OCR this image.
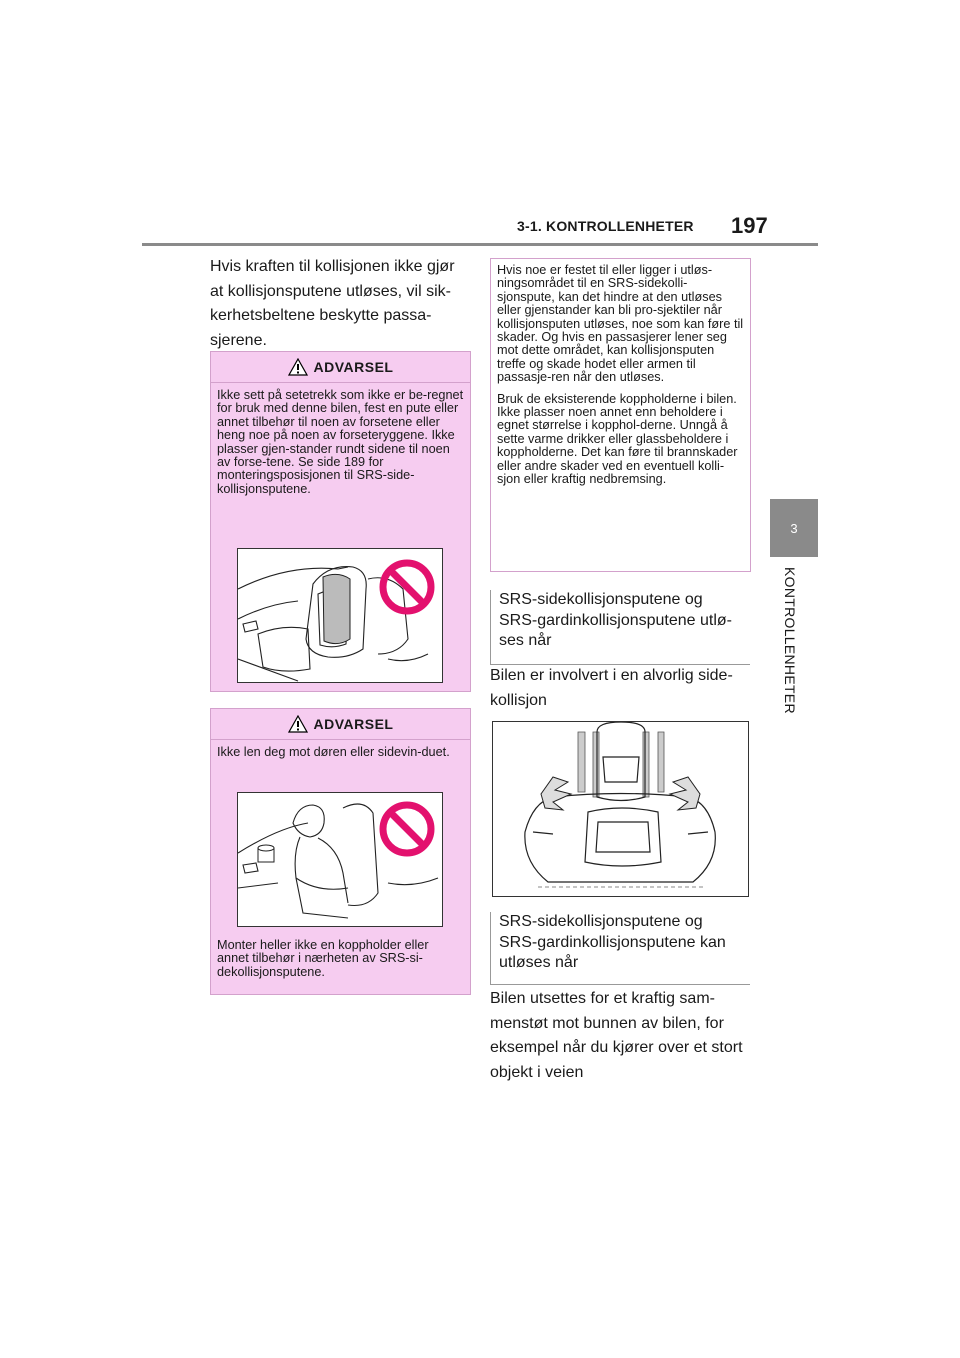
3-1. KONTROLLENHETER 197
3
KONTROLLENHETER
Hvis kraften til kollisjonen ikke gjør at kollisjonsputene utløses, vil sik-kerhetsbeltene beskytte passa-sjerene.
ADVARSEL
Ikke sett på setetrekk som ikke er be-regnet for bruk med denne bilen, fest en pute eller annet tilbehør til noen av forsetene eller heng noe på noen av forseteryggene. Ikke plasser gjen-stander rundt sidene til noen av forse-tene. Se side 189 for monteringsposisjonen til SRS-side-kollisjonsputene.
ADVARSEL
Ikke len deg mot døren eller sidevin-duet.
Monter heller ikke en koppholder eller annet tilbehør i nærheten av SRS-si-dekollisjonsputene.

Hvis noe er festet til eller ligger i utløs-ningsområdet til en SRS-sidekolli-sjonspute, kan det hindre at den utløses eller gjenstander kan bli pro-sjektiler når kollisjonsputen utløses, noe som kan føre til skader. Og hvis en passasjerer lener seg mot dette området, kan kollisjonsputen treffe og skade hodet eller armen til passasje-ren når den utløses.

Bruk de eksisterende koppholderne i bilen. Ikke plasser noen annet enn beholdere i egnet størrelse i kopphol-derne. Unngå å sette varme drikker eller glassbeholdere i koppholderne. Det kan føre til brannskader eller andre skader ved en eventuell kolli-sjon eller kraftig nedbremsing.

SRS-sidekollisjonsputene og SRS-gardinkollisjonsputene utlø-ses når
Bilen er involvert i en alvorlig side-kollisjon
SRS-sidekollisjonsputene og SRS-gardinkollisjonsputene kan utløses når
Bilen utsettes for et kraftig sam-menstøt mot bunnen av bilen, for eksempel når du kjører over et stort objekt i veien
